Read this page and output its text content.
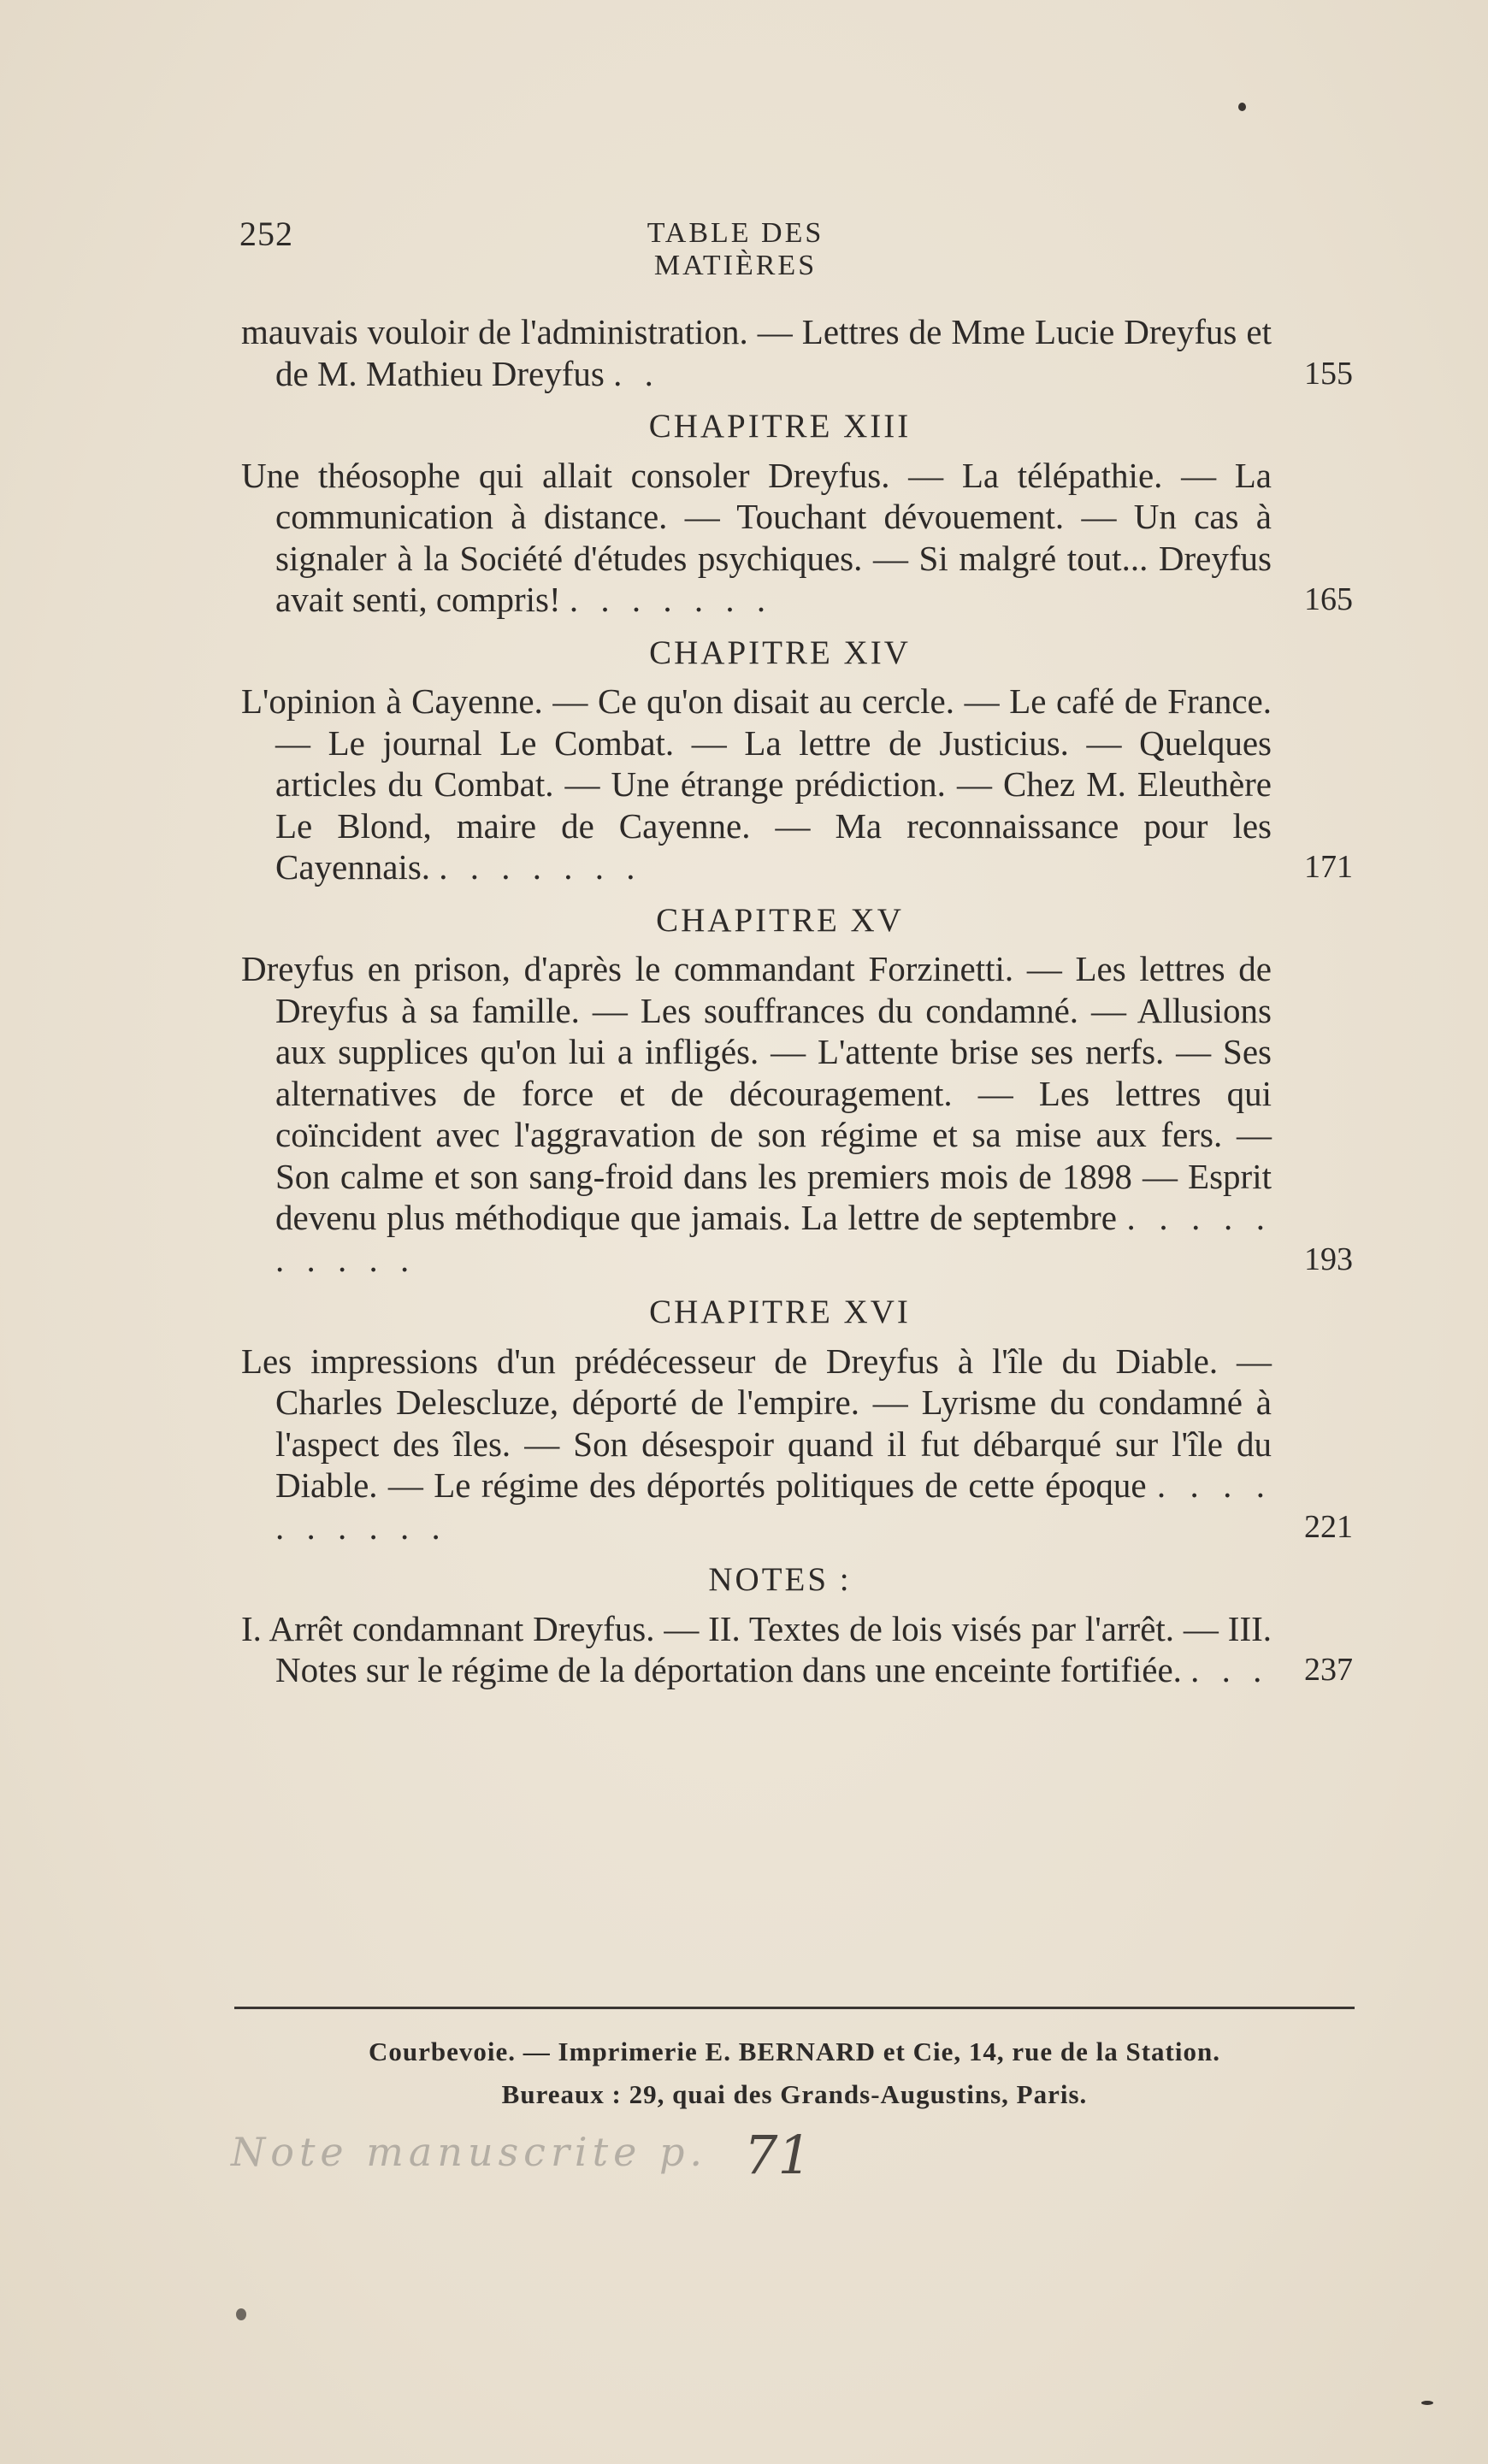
252	TABLE DES MATIÈRES
mauvais vouloir de l'administration. — Lettres de Mme Lucie Dreyfus et de M. Mathieu Dreyfus . .	155
CHAPITRE XIII
Une théosophe qui allait consoler Dreyfus. — La télépathie. — La communication à distance. — Touchant dévouement. — Un cas à signaler à la Société d'études psychiques. — Si malgré tout... Dreyfus avait senti, compris! . . . . . . .	165
CHAPITRE XIV
L'opinion à Cayenne. — Ce qu'on disait au cercle. — Le café de France. — Le journal Le Combat. — La lettre de Justicius. — Quelques articles du Combat. — Une étrange prédiction. — Chez M. Eleuthère Le Blond, maire de Cayenne. — Ma reconnaissance pour les Cayennais. . . . . . . .	171
CHAPITRE XV
Dreyfus en prison, d'après le commandant Forzinetti. — Les lettres de Dreyfus à sa famille. — Les souffrances du condamné. — Allusions aux supplices qu'on lui a infligés. — L'attente brise ses nerfs. — Ses alternatives de force et de découragement. — Les lettres qui coïncident avec l'aggravation de son régime et sa mise aux fers. — Son calme et son sang-froid dans les premiers mois de 1898 — Esprit devenu plus méthodique que jamais. La lettre de septembre . . . . . . . . . .	193
CHAPITRE XVI
Les impressions d'un prédécesseur de Dreyfus à l'île du Diable. — Charles Delescluze, déporté de l'empire. — Lyrisme du condamné à l'aspect des îles. — Son désespoir quand il fut débarqué sur l'île du Diable. — Le régime des déportés politiques de cette époque . . . . . . . . . .	221
NOTES :
I. Arrêt condamnant Dreyfus. — II. Textes de lois visés par l'arrêt. — III. Notes sur le régime de la déportation dans une enceinte fortifiée. . . . 237
Courbevoie. — Imprimerie E. BERNARD et Cie, 14, rue de la Station.
Bureaux : 29, quai des Grands-Augustins, Paris.
Note manuscrite p. 71
